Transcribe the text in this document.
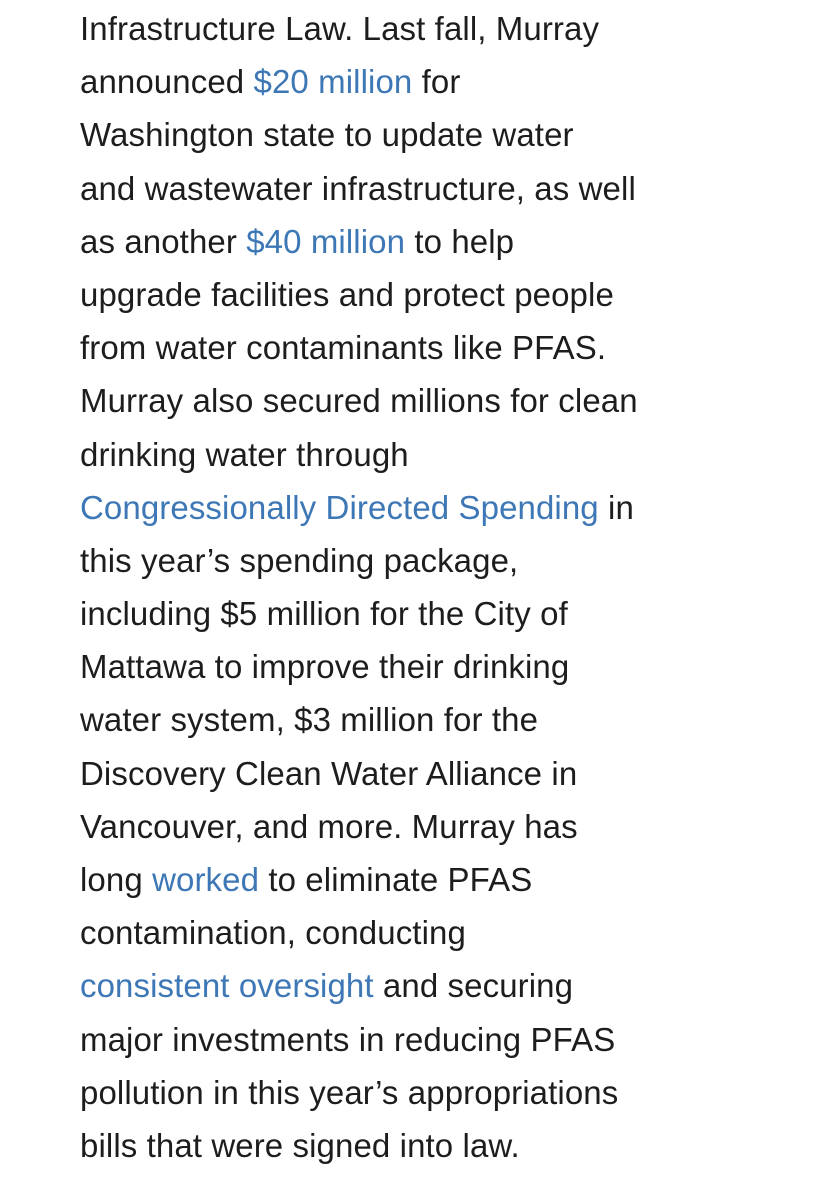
Infrastructure Law. Last fall, Murray
announced $20 million for
Washington state to update water
and wastewater infrastructure, as well
as another $40 million to help
upgrade facilities and protect people
from water contaminants like PFAS.
Murray also secured millions for clean
drinking water through
Congressionally Directed Spending in
this year’s spending package,
including $5 million for the City of
Mattawa to improve their drinking
water system, $3 million for the
Discovery Clean Water Alliance in
Vancouver, and more. Murray has
long worked to eliminate PFAS
contamination, conducting
consistent oversight and securing
major investments in reducing PFAS
pollution in this year’s appropriations
bills that were signed into law.
